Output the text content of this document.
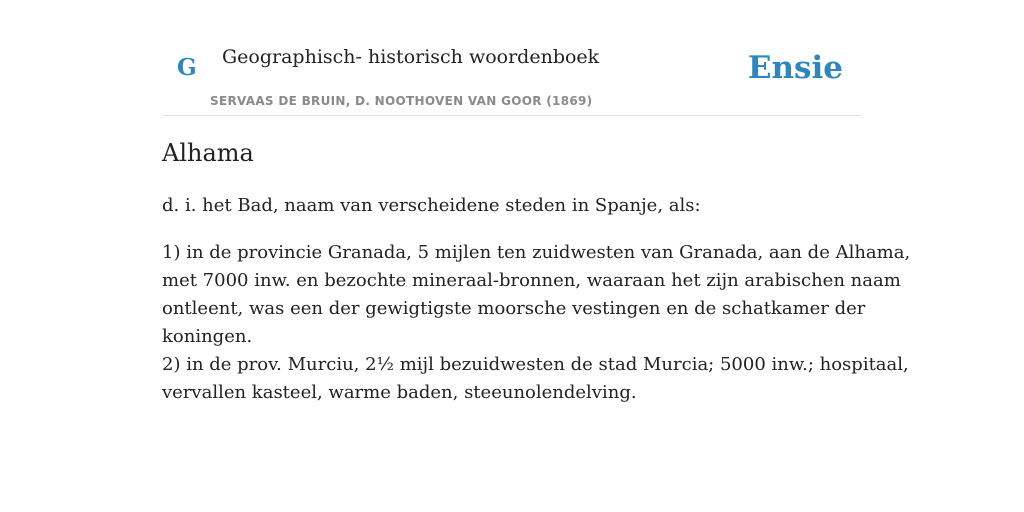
G Geographisch- historisch woordenboek
SERVAAS DE BRUIN, D. NOOTHOVEN VAN GOOR (1869)
Ensie
Alhama
d. i. het Bad, naam van verscheidene steden in Spanje, als:
1) in de provincie Granada, 5 mijlen ten zuidwesten van Granada, aan de Alhama,
met 7000 inw. en bezochte mineraal-bronnen, waaraan het zijn arabischen naam
ontleent, was een der gewigtigste moorsche vestingen en de schatkamer der
koningen.
2) in de prov. Murciu, 2½ mijl bezuidwesten de stad Murcia; 5000 inw.; hospitaal,
vervallen kasteel, warme baden, steeunolendelving.
